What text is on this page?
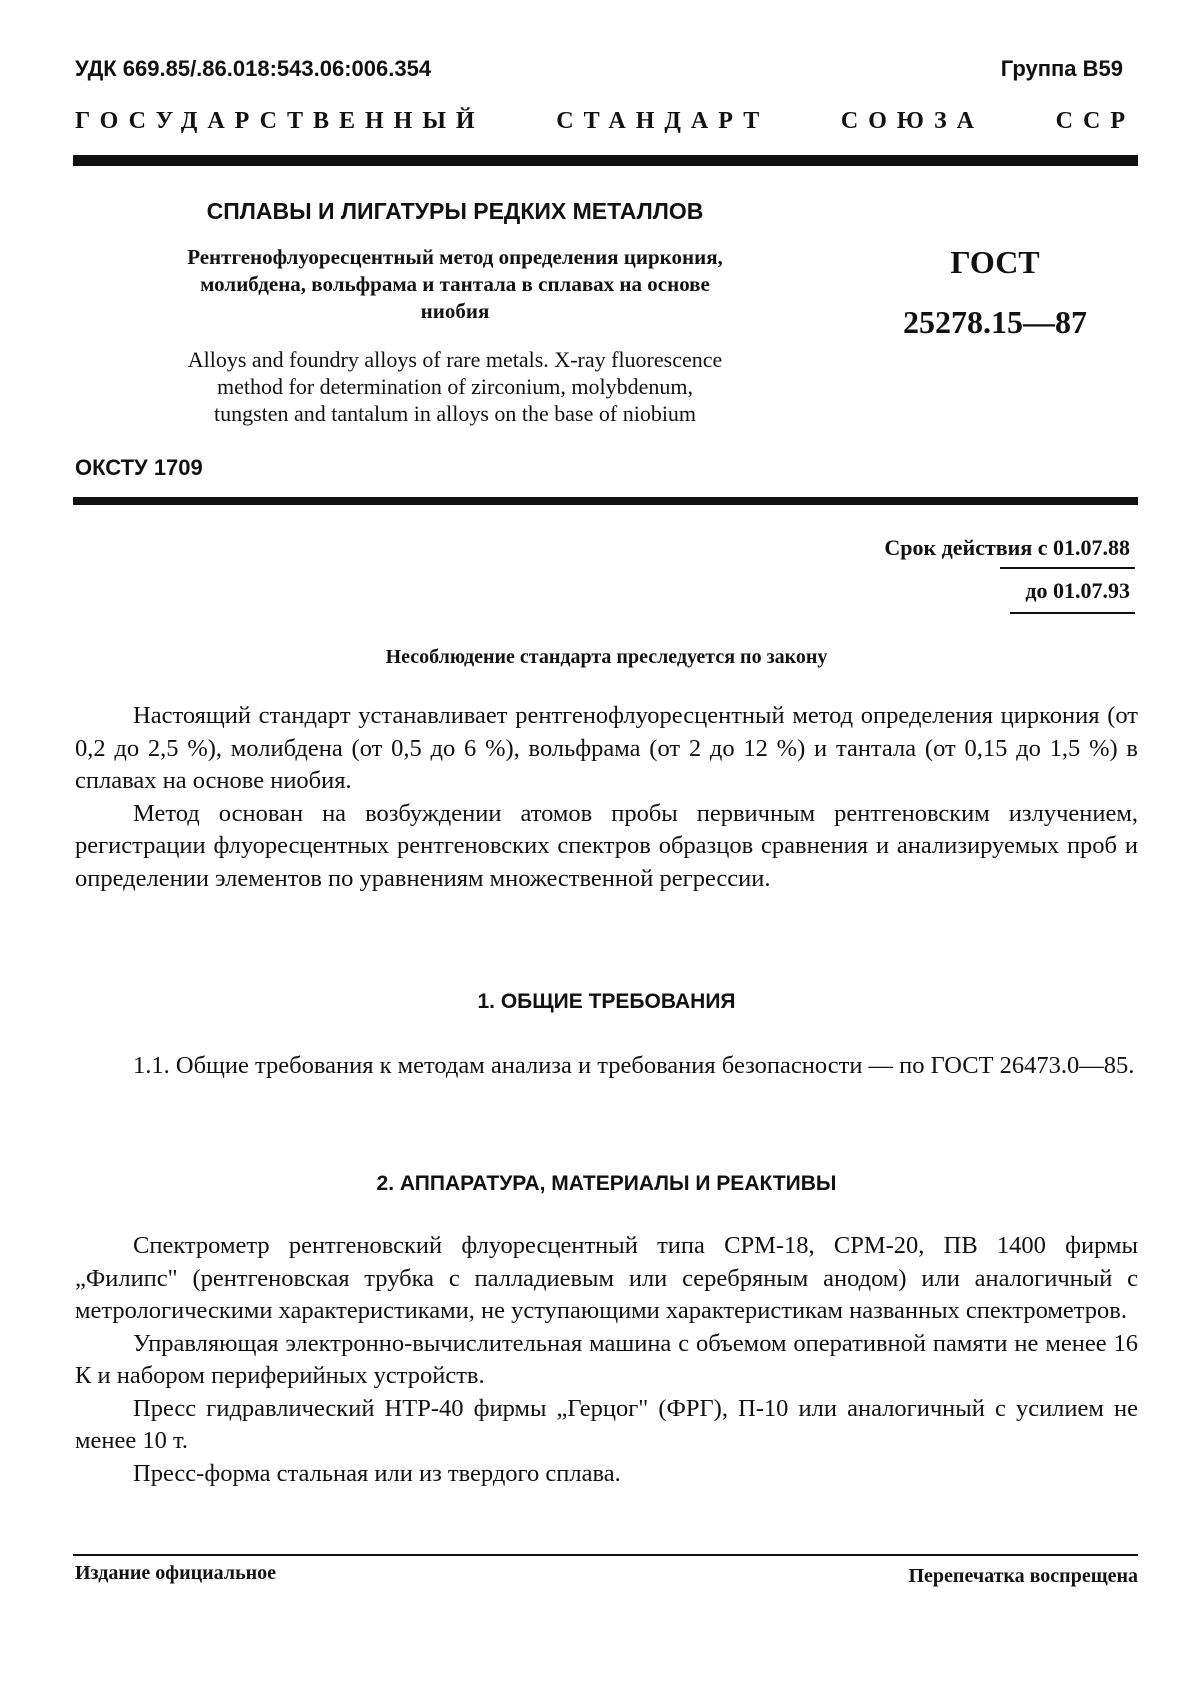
УДК 669.85/.86.018:543.06:006.354	Группа В59
ГОСУДАРСТВЕННЫЙ СТАНДАРТ СОЮЗА ССР
СПЛАВЫ И ЛИГАТУРЫ РЕДКИХ МЕТАЛЛОВ
Рентгенофлуоресцентный метод определения циркония,
молибдена, вольфрама и тантала в сплавах на основе
ниобия
Alloys and foundry alloys of rare metals. X-ray fluorescence
method for determination of zirconium, molybdenum,
tungsten and tantalum in alloys on the base of niobium
ГОСТ
25278.15—87
ОКСТУ 1709
Срок действия с 01.07.88
до 01.07.93
Несоблюдение стандарта преследуется по закону

Настоящий стандарт устанавливает рентгенофлуоресцентный метод определения циркония (от 0,2 до 2,5 %), молибдена (от 0,5 до 6 %), вольфрама (от 2 до 12 %) и тантала (от 0,15 до 1,5 %) в сплавах на основе ниобия.

Метод основан на возбуждении атомов пробы первичным рентгеновским излучением, регистрации флуоресцентных рентгеновских спектров образцов сравнения и анализируемых проб и определении элементов по уравнениям множественной регрессии.

1. ОБЩИЕ ТРЕБОВАНИЯ

1.1. Общие требования к методам анализа и требования безопасности — по ГОСТ 26473.0—85.

2. АППАРАТУРА, МАТЕРИАЛЫ И РЕАКТИВЫ

Спектрометр рентгеновский флуоресцентный типа СРМ-18, СРМ-20, ПВ 1400 фирмы „Филипс" (рентгеновская трубка с палладиевым или серебряным анодом) или аналогичный с метрологическими характеристиками, не уступающими характеристикам названных спектрометров.

Управляющая электронно-вычислительная машина с объемом оперативной памяти не менее 16 К и набором периферийных устройств.

Пресс гидравлический НТР-40 фирмы „Герцог" (ФРГ), П-10 или аналогичный с усилием не менее 10 т.

Пресс-форма стальная или из твердого сплава.

Издание официальное	Перепечатка воспрещена
